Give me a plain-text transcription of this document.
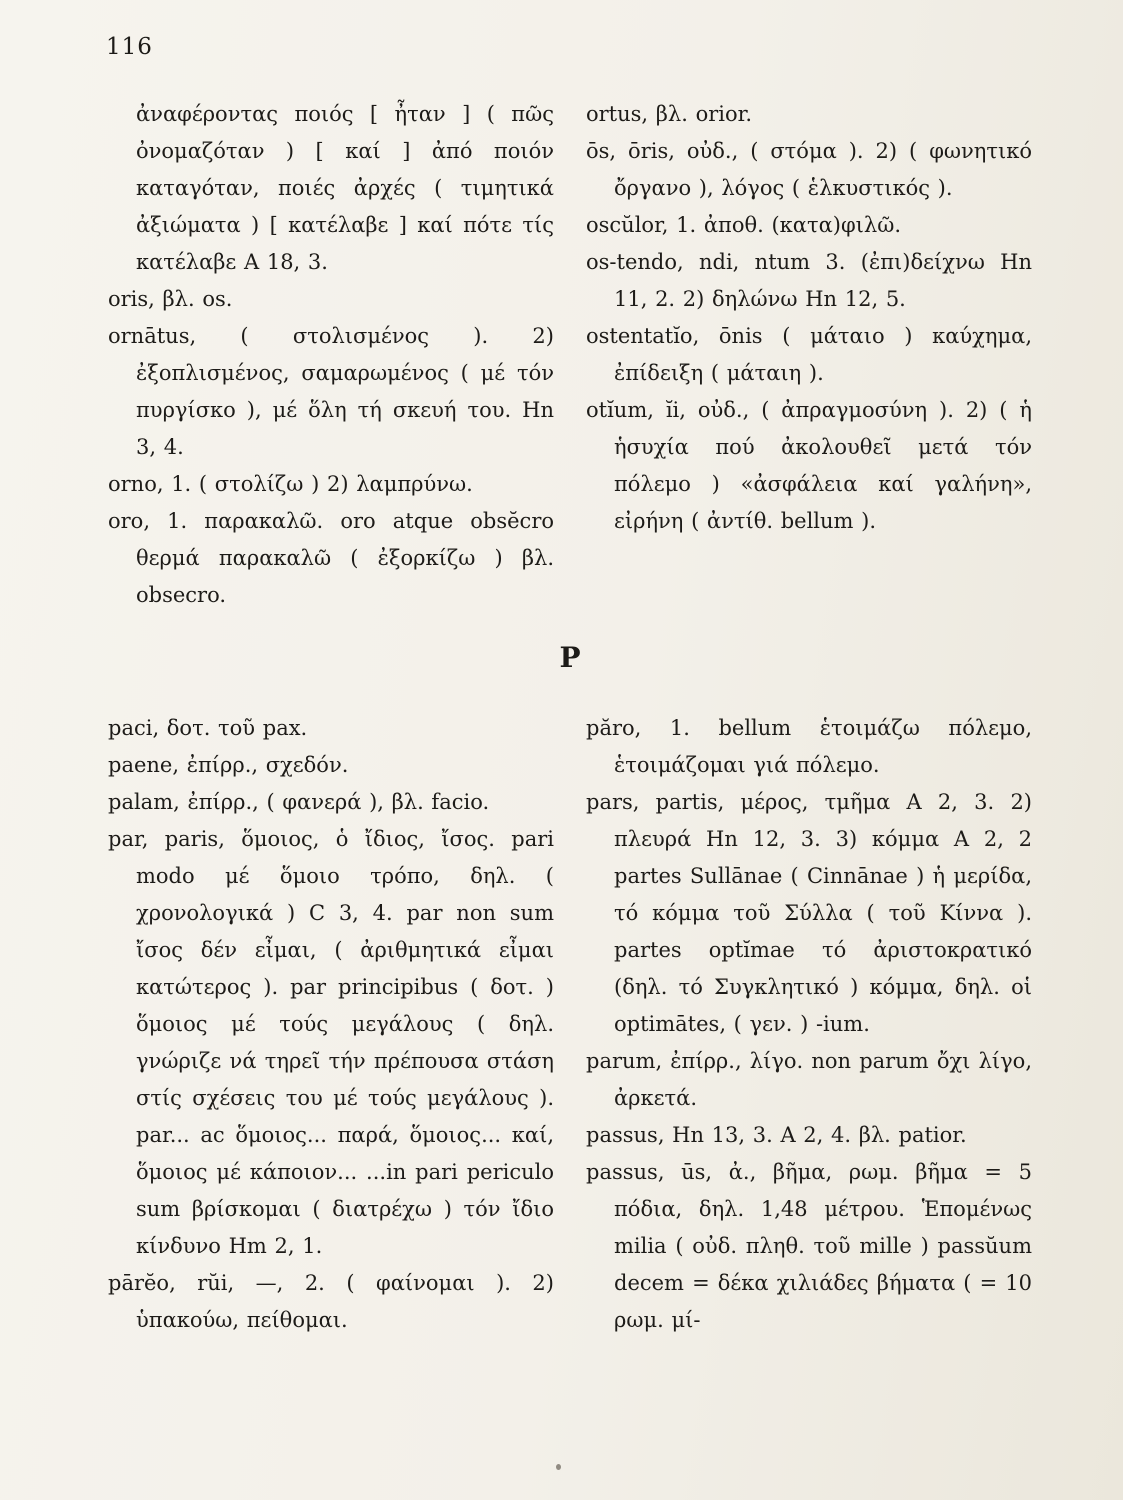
116

ἀναφέροντας ποιός [ ἦταν ] ( πῶς ὀνομαζόταν ) [ καί ] ἀπό ποιόν καταγόταν, ποιές ἀρχές ( τιμητικά ἀξιώματα ) [ κατέλαβε ] καί πότε τίς κατέλαβε Α 18, 3.

oris, βλ. os.

ornātus, ( στολισμένος ). 2) ἐξοπλισμένος, σαμαρωμένος ( μέ τόν πυργίσκο ), μέ ὅλη τή σκευή του. Hn 3, 4.

orno, 1. ( στολίζω ) 2) λαμπρύνω.

oro, 1. παρακαλῶ. oro atque obsĕcro θερμά παρακαλῶ ( ἐξορκίζω ) βλ. obsecro.

ortus, βλ. orior.

ōs, ōris, οὐδ., ( στόμα ). 2) ( φωνητικό ὄργανο ), λόγος ( ἑλκυστικός ).

oscŭlor, 1. ἀποθ. (κατα)φιλῶ.

os-tendo, ndi, ntum 3. (ἐπι)δείχνω Hn 11, 2. 2) δηλώνω Hn 12, 5.

ostentatĭo, ōnis ( μάταιο ) καύχημα, ἐπίδειξη ( μάταιη ).

otĭum, ĭi, οὐδ., ( ἀπραγμοσύνη ). 2) ( ἡ ἡσυχία πού ἀκολουθεῖ μετά τόν πόλεμο ) «ἀσφάλεια καί γαλήνη», εἰρήνη ( ἀντίθ. bellum ).

P

paci, δοτ. τοῦ pax.

paene, ἐπίρρ., σχεδόν.

palam, ἐπίρρ., ( φανερά ), βλ. facio.

par, paris, ὅμοιος, ὁ ἴδιος, ἴσος. pari modo μέ ὅμοιο τρόπο, δηλ. ( χρονολογικά ) C 3, 4. par non sum ἴσος δέν εἶμαι, ( ἀριθμητικά εἶμαι κατώτερος ). par principibus ( δοτ. ) ὅμοιος μέ τούς μεγάλους ( δηλ. γνώριζε νά τηρεῖ τήν πρέπουσα στάση στίς σχέσεις του μέ τούς μεγάλους ). par... ac ὅμοιος... παρά, ὅμοιος... καί, ὅμοιος μέ κάποιον... ...in pari periculo sum βρίσκομαι ( διατρέχω ) τόν ἴδιο κίνδυνο Hm 2, 1.

pārĕo, rŭi, —, 2. ( φαίνομαι ). 2) ὑπακούω, πείθομαι.

păro, 1. bellum ἑτοιμάζω πόλεμο, ἑτοιμάζομαι γιά πόλεμο.

pars, partis, μέρος, τμῆμα Α 2, 3. 2) πλευρά Hn 12, 3. 3) κόμμα Α 2, 2 partes Sullānae ( Cinnānae ) ἡ μερίδα, τό κόμμα τοῦ Σύλλα ( τοῦ Κίννα ). partes optĭmae τό ἀριστοκρατικό (δηλ. τό Συγκλητικό ) κόμμα, δηλ. οἱ optimātes, ( γεν. ) -ium.

parum, ἐπίρρ., λίγο. non parum ὄχι λίγο, ἀρκετά.

passus, Hn 13, 3. Α 2, 4. βλ. patior.

passus, ūs, ἀ., βῆμα, ρωμ. βῆμα = 5 πόδια, δηλ. 1,48 μέτρου. Ἑπομένως milia ( οὐδ. πληθ. τοῦ mille ) passŭum decem = δέκα χιλιάδες βήματα ( = 10 ρωμ. μί-
